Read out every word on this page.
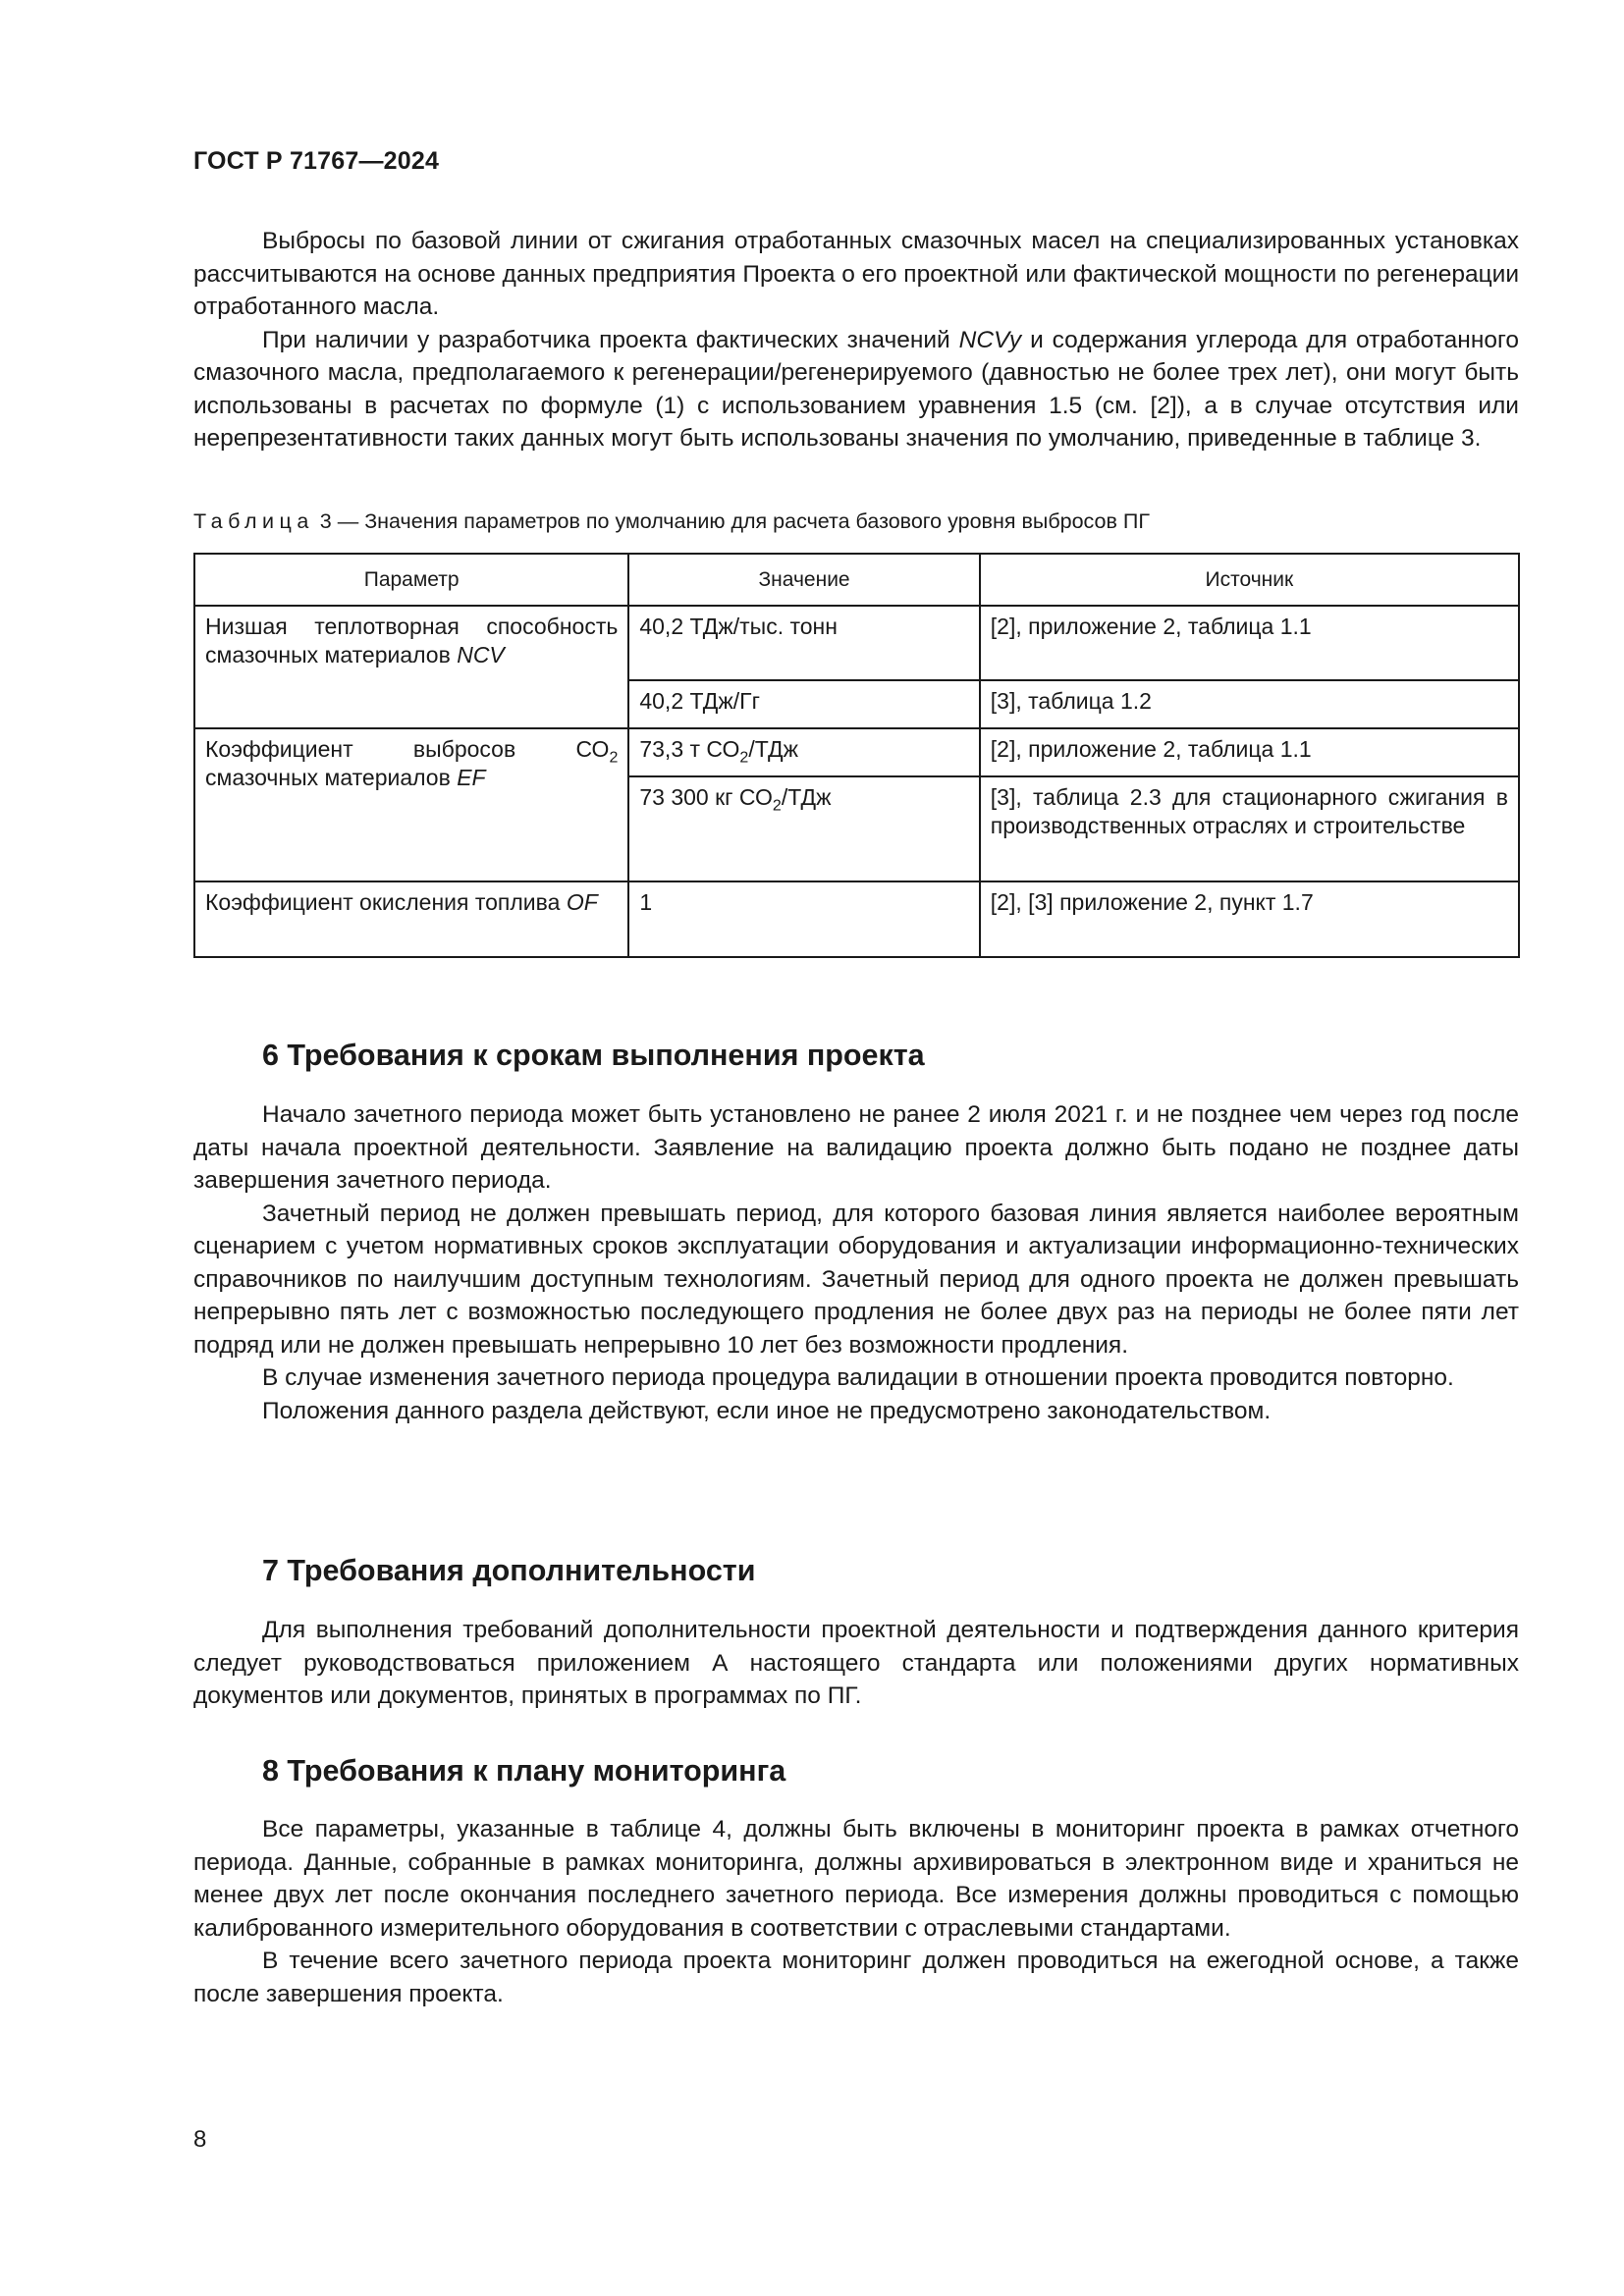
ГОСТ Р 71767—2024

Выбросы по базовой линии от сжигания отработанных смазочных масел на специализированных установках рассчитываются на основе данных предприятия Проекта о его проектной или фактической мощности по регенерации отработанного масла.

При наличии у разработчика проекта фактических значений NCVy и содержания углерода для отработанного смазочного масла, предполагаемого к регенерации/регенерируемого (давностью не более трех лет), они могут быть использованы в расчетах по формуле (1) с использованием уравнения 1.5 (см. [2]), а в случае отсутствия или нерепрезентативности таких данных могут быть использованы значения по умолчанию, приведенные в таблице 3.

Таблица 3 — Значения параметров по умолчанию для расчета базового уровня выбросов ПГ
Параметр	Значение	Источник
Низшая теплотворная способность смазочных материалов NCV	40,2 ТДж/тыс. тонн	[2], приложение 2, таблица 1.1
	40,2 ТДж/Гг	[3], таблица 1.2
Коэффициент выбросов $СО_2$ смазочных материалов EF	73,3 т $СО_2$/ТДж	[2], приложение 2, таблица 1.1
	73 300 кг $СО_2$/ТДж	[3], таблица 2.3 для стационарного сжигания в производственных отраслях и строительстве
Коэффициент окисления топлива OF	1	[2], [3] приложение 2, пункт 1.7
6 Требования к срокам выполнения проекта

Начало зачетного периода может быть установлено не ранее 2 июля 2021 г. и не позднее чем через год после даты начала проектной деятельности. Заявление на валидацию проекта должно быть подано не позднее даты завершения зачетного периода.

Зачетный период не должен превышать период, для которого базовая линия является наиболее вероятным сценарием с учетом нормативных сроков эксплуатации оборудования и актуализации информационно-технических справочников по наилучшим доступным технологиям. Зачетный период для одного проекта не должен превышать непрерывно пять лет с возможностью последующего продления не более двух раз на периоды не более пяти лет подряд или не должен превышать непрерывно 10 лет без возможности продления.

В случае изменения зачетного периода процедура валидации в отношении проекта проводится повторно.

Положения данного раздела действуют, если иное не предусмотрено законодательством.

7 Требования дополнительности

Для выполнения требований дополнительности проектной деятельности и подтверждения данного критерия следует руководствоваться приложением А настоящего стандарта или положениями других нормативных документов или документов, принятых в программах по ПГ.

8 Требования к плану мониторинга

Все параметры, указанные в таблице 4, должны быть включены в мониторинг проекта в рамках отчетного периода. Данные, собранные в рамках мониторинга, должны архивироваться в электронном виде и храниться не менее двух лет после окончания последнего зачетного периода. Все измерения должны проводиться с помощью калиброванного измерительного оборудования в соответствии с отраслевыми стандартами.

В течение всего зачетного периода проекта мониторинг должен проводиться на ежегодной основе, а также после завершения проекта.

8
